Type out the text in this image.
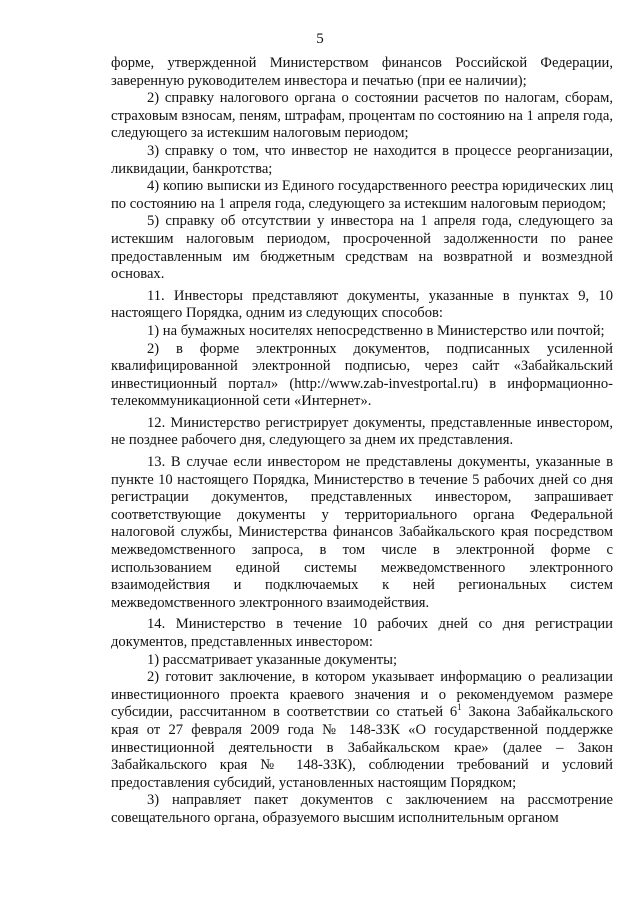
5

форме, утвержденной Министерством финансов Российской Федерации, заверенную руководителем инвестора и печатью (при ее наличии);

2) справку налогового органа о состоянии расчетов по налогам, сборам, страховым взносам, пеням, штрафам, процентам по состоянию на 1 апреля года, следующего за истекшим налоговым периодом;

3) справку о том, что инвестор не находится в процессе реорганизации, ликвидации, банкротства;

4) копию выписки из Единого государственного реестра юридических лиц по состоянию на 1 апреля года, следующего за истекшим налоговым периодом;

5) справку об отсутствии у инвестора на 1 апреля года, следующего за истекшим налоговым периодом, просроченной задолженности по ранее предоставленным им бюджетным средствам на возвратной и возмездной основах.

11. Инвесторы представляют документы, указанные в пунктах 9, 10 настоящего Порядка, одним из следующих способов:

1) на бумажных носителях непосредственно в Министерство или почтой;

2) в форме электронных документов, подписанных усиленной квалифицированной электронной подписью, через сайт «Забайкальский инвестиционный портал» (http://www.zab-investportal.ru) в информационно-телекоммуникационной сети «Интернет».

12. Министерство регистрирует документы, представленные инвестором, не позднее рабочего дня, следующего за днем их представления.

13. В случае если инвестором не представлены документы, указанные в пункте 10 настоящего Порядка, Министерство в течение 5 рабочих дней со дня регистрации документов, представленных инвестором, запрашивает соответствующие документы у территориального органа Федеральной налоговой службы, Министерства финансов Забайкальского края посредством межведомственного запроса, в том числе в электронной форме с использованием единой системы межведомственного электронного взаимодействия и подключаемых к ней региональных систем межведомственного электронного взаимодействия.

14. Министерство в течение 10 рабочих дней со дня регистрации документов, представленных инвестором:

1) рассматривает указанные документы;

2) готовит заключение, в котором указывает информацию о реализации инвестиционного проекта краевого значения и о рекомендуемом размере субсидии, рассчитанном в соответствии со статьей $6^1$ Закона Забайкальского края от 27 февраля 2009 года № 148-ЗЗК «О государственной поддержке инвестиционной деятельности в Забайкальском крае» (далее – Закон Забайкальского края № 148-ЗЗК), соблюдении требований и условий предоставления субсидий, установленных настоящим Порядком;

3) направляет пакет документов с заключением на рассмотрение совещательного органа, образуемого высшим исполнительным органом
